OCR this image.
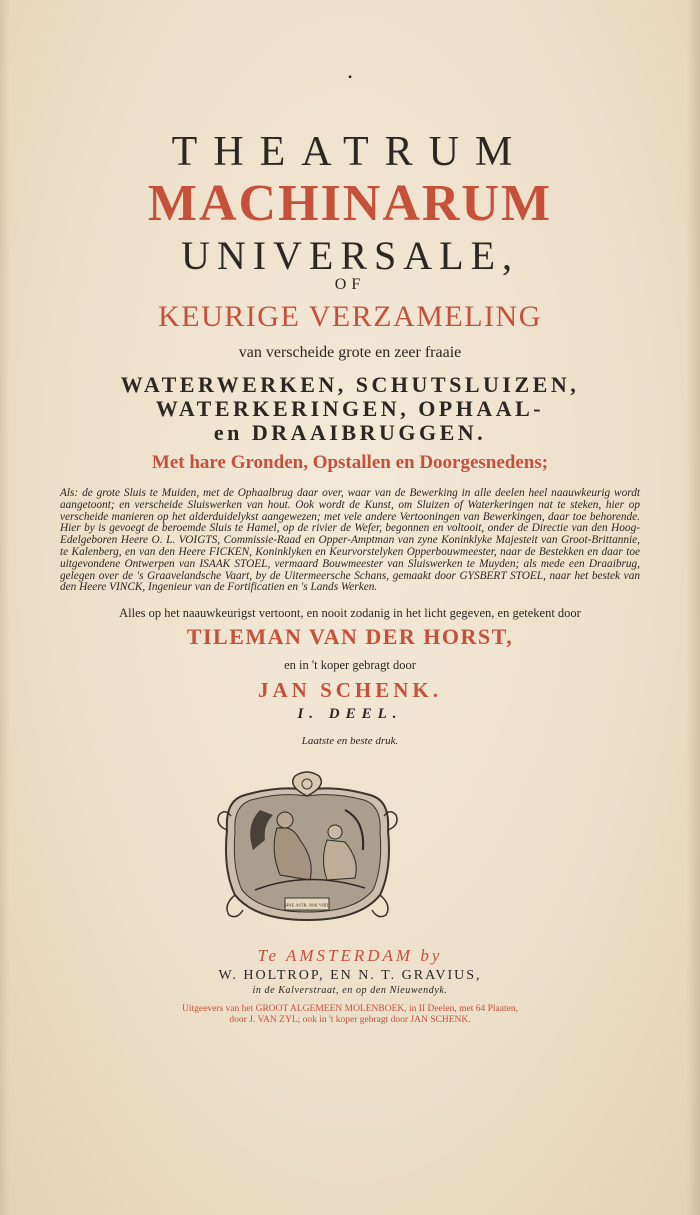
▪
THEATRUM
MACHINARUM
UNIVERSALE,
OF
KEURIGE VERZAMELING
van verscheide grote en zeer fraaie
WATERWERKEN, SCHUTSLUIZEN,
WATERKERINGEN, OPHAAL-
en DRAAIBRUGGEN.
Met hare Gronden, Opstallen en Doorgesnedens;
Als: de grote Sluis te Muiden, met de Ophaalbrug daar over, waar van de Bewerking in alle deelen heel naauwkeurig wordt aangetoont; en verscheide Sluiswerken van hout. Ook wordt de Kunst, om Sluizen of Waterkeringen nat te steken, hier op verscheide manieren op het alderduidelykst aangewezen; met vele andere Vertooningen van Bewerkingen, daar toe behorende. Hier by is gevoegt de beroemde Sluis te Hamel, op de rivier de Wefer, begonnen en voltooit, onder de Directie van den Hoog-Edelgeboren Heere O. L. VOIGTS, Commissie-Raad en Opper-Amptman van zyne Koninklyke Majesteit van Groot-Brittannie, te Kalenberg, en van den Heere FICKEN, Koninklyken en Keurvorstelyken Opperbouwmeester, naar de Bestekken en daar toe uitgevondene Ontwerpen van ISAAK STOEL, vermaard Bouwmeester van Sluiswerken te Muyden; als mede een Draaibrug, gelegen over de 's Graavelandsche Vaart, by de Uitermeersche Schans, gemaakt door GYSBERT STOEL, naar het bestek van den Heere VINCK, Ingenieur van de Fortificatien en 's Lands Werken.
Alles op het naauwkeurigst vertoont, en nooit zodanig in het licht gegeven, en getekent door
TILEMAN VAN DER HORST,
en in 't koper gebragt door
JAN SCHENK.
I. DEEL.
Laatste en beste druk.
SINE ASTR. NISI VIRT.
Te AMSTERDAM by
W. HOLTROP, EN N. T. GRAVIUS,
in de Kalverstraat, en op den Nieuwendyk.
Uitgeevers van het GROOT ALGEMEEN MOLENBOEK, in II Deelen, met 64 Plaaten,
door J. VAN ZYL; ook in 't koper gebragt door JAN SCHENK.
